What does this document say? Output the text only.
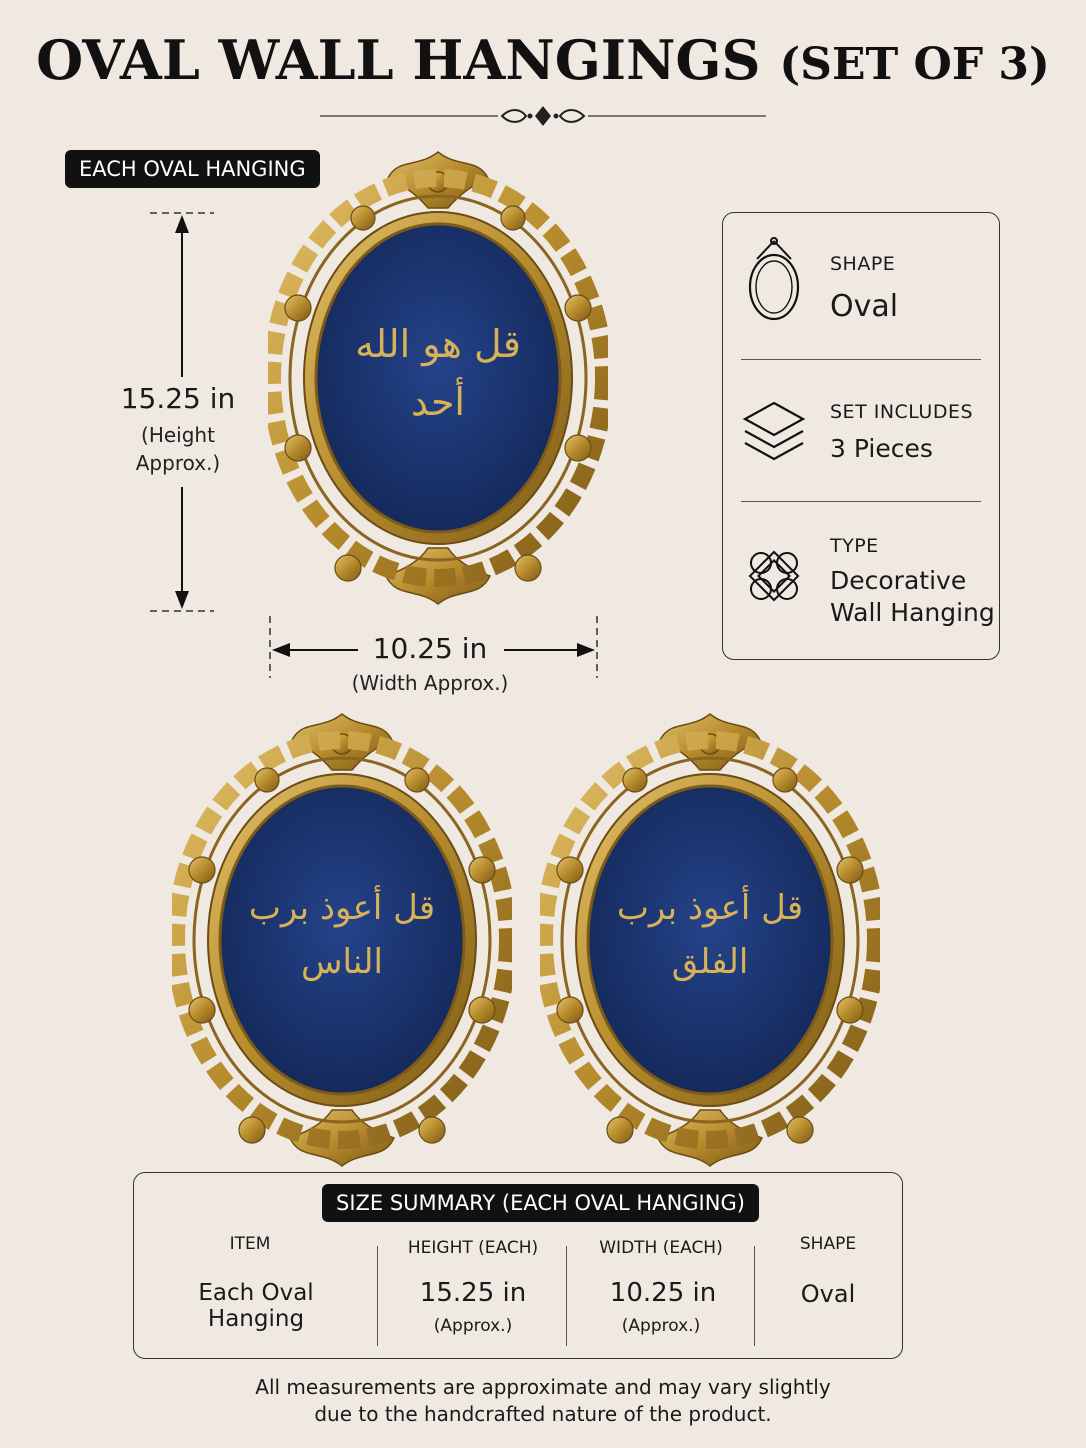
OVAL WALL HANGINGS (SET OF 3)
EACH OVAL HANGING
15.25 in
(Height
Approx.)
10.25 in
(Width Approx.)
قل هو الله أحد
قل أعوذ برب الناس
قل أعوذ برب الفلق
SHAPE
Oval
SET INCLUDES
3 Pieces
TYPE
Decorative
Wall Hanging
SIZE SUMMARY (EACH OVAL HANGING)
ITEM
Each Oval Hanging
HEIGHT (EACH)
15.25 in
(Approx.)
WIDTH (EACH)
10.25 in
(Approx.)
SHAPE
Oval
All measurements are approximate and may vary slightly
due to the handcrafted nature of the product.
